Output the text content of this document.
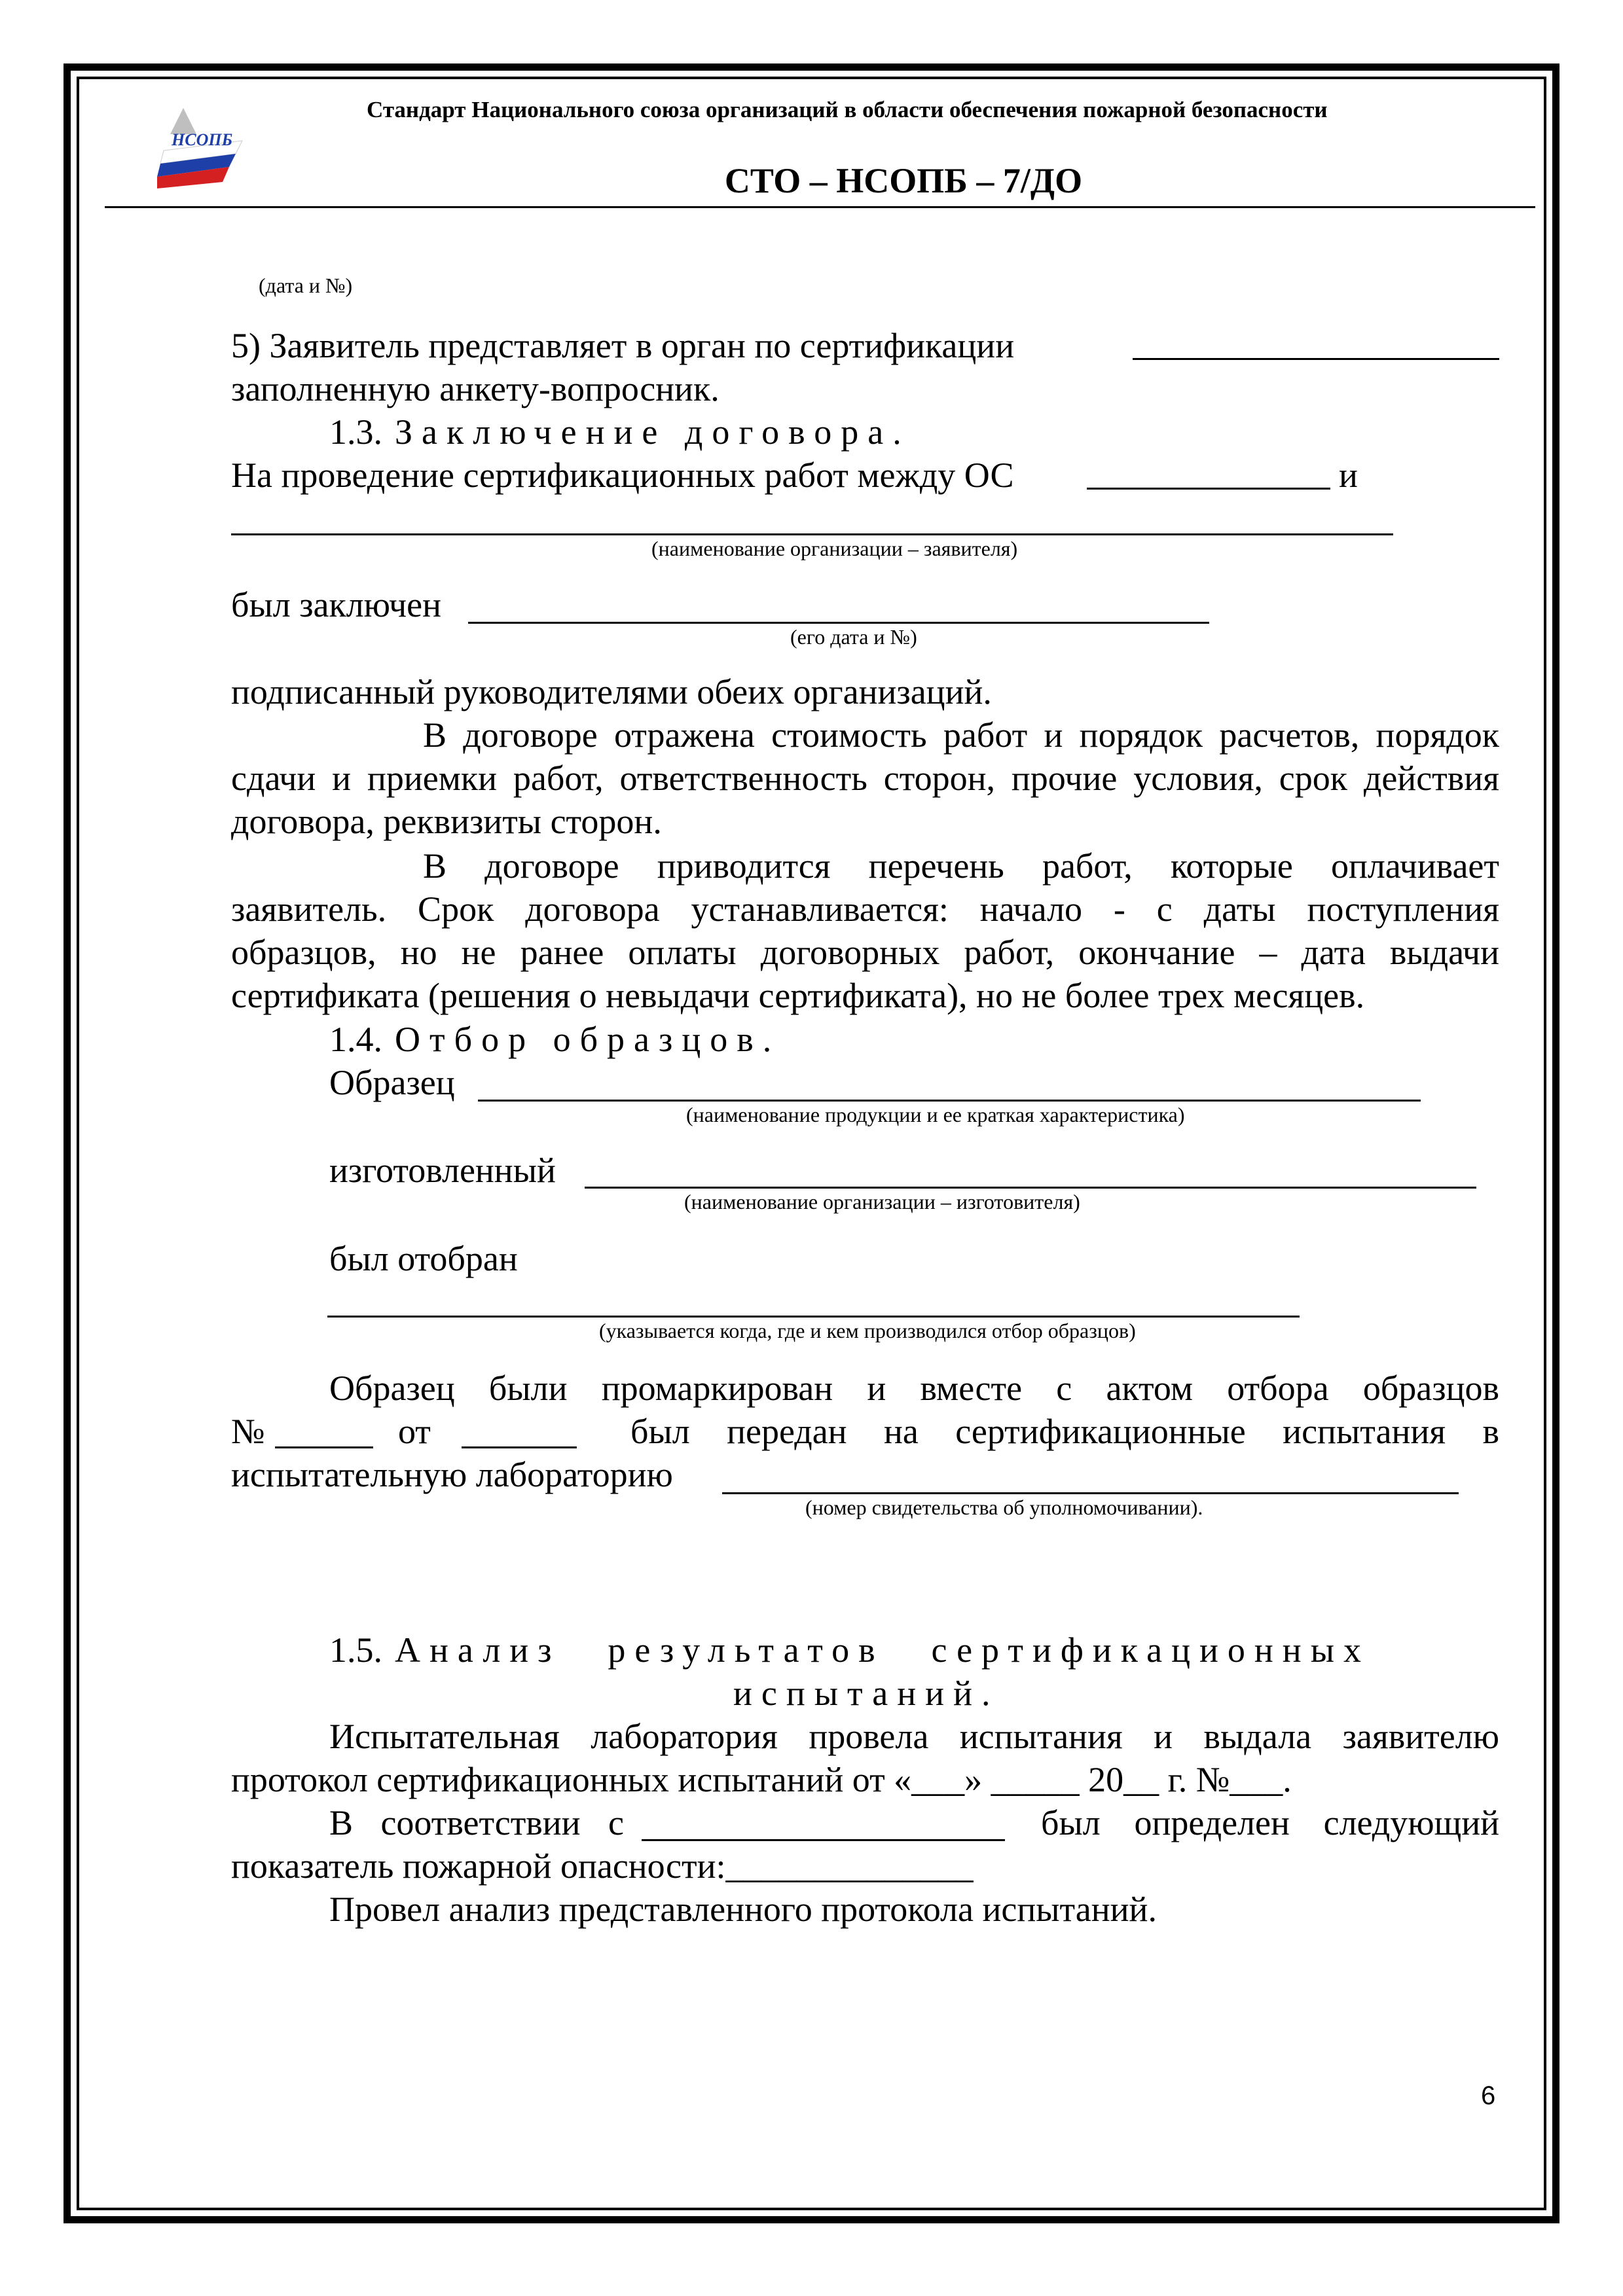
НСОПБ
Стандарт Национального союза организаций в области обеспечения пожарной безопасности
СТО – НСОПБ – 7/ДО
(дата и №)
5) Заявитель представляет в орган по сертификации
заполненную анкету-вопросник.
1.3. Заключение договора.
На проведение сертификационных работ между ОС	и
(наименование организации – заявителя)
был заключен
(его дата и №)
подписанный руководителями обеих организаций.
В договоре отражена стоимость работ и порядок расчетов, порядок сдачи и приемки работ, ответственность сторон, прочие условия, срок действия договора, реквизиты сторон.
В договоре приводится перечень работ, которые оплачивает
заявитель. Срок договора устанавливается: начало - с даты поступления
образцов, но не ранее оплаты договорных работ, окончание – дата выдачи
сертификата (решения о невыдачи сертификата), но не более трех месяцев.
1.4. Отбор образцов.
Образец
(наименование продукции и ее краткая характеристика)
изготовленный
(наименование организации – изготовителя)
был отобран
(указывается когда, где и кем производился отбор образцов)
Образец были промаркирован и вместе с актом отбора образцов
№	от	был передан на сертификационные испытания в
испытательную лабораторию
(номер свидетельства об уполномочивании).
1.5. Анализ результатов сертификационных
испытаний.
Испытательная лаборатория провела испытания и выдала заявителю
протокол сертификационных испытаний от «___» _____ 20__ г. №___.
В соответствии с	был определен следующий
показатель пожарной опасности:______________
Провел анализ представленного протокола испытаний.
6
